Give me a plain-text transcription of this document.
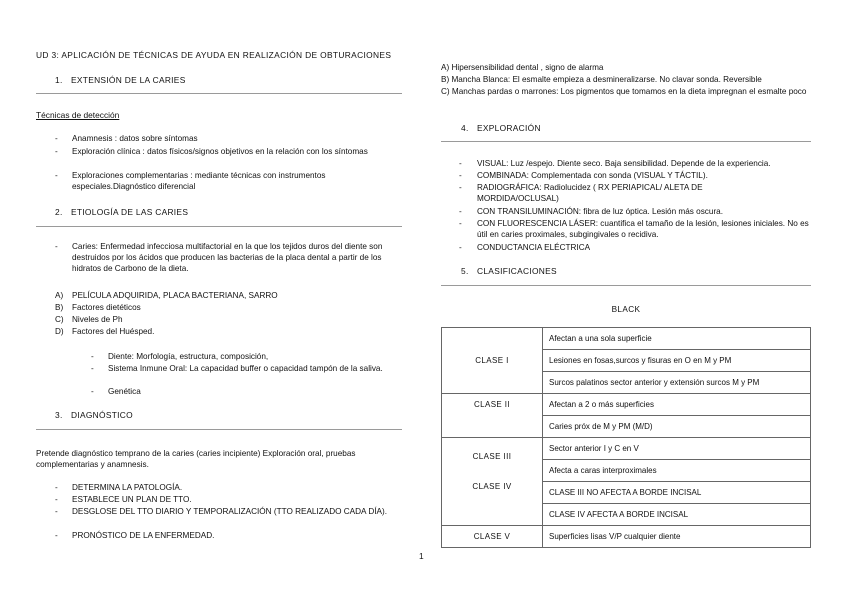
UD 3: APLICACIÓN DE TÉCNICAS DE AYUDA EN REALIZACIÓN DE OBTURACIONES
1. EXTENSIÓN DE LA CARIES
Técnicas de detección
- Anamnesis : datos sobre síntomas
- Exploración clínica : datos físicos/signos objetivos en la relación con los síntomas
- Exploraciones complementarias : mediante técnicas con instrumentos especiales.Diagnóstico diferencial
2. ETIOLOGÍA DE LAS CARIES
- Caries: Enfermedad infecciosa multifactorial en la que los tejidos duros del diente son destruidos por los ácidos que producen las bacterias de la placa dental a partir de los hidratos de Carbono de la dieta.
A) PELÍCULA ADQUIRIDA, PLACA BACTERIANA, SARRO
B) Factores dietéticos
C) Niveles de Ph
D) Factores del Huésped.
- Diente: Morfología, estructura, composición,
- Sistema Inmune Oral: La capacidad buffer o capacidad tampón de la saliva.
- Genética
3. DIAGNÓSTICO
Pretende diagnóstico temprano de la caries (caries incipiente) Exploración oral, pruebas complementarias y anamnesis.
- DETERMINA LA PATOLOGÍA.
- ESTABLECE UN PLAN DE TTO.
- DESGLOSE DEL TTO DIARIO Y TEMPORALIZACIÓN (TTO REALIZADO CADA DÍA).
- PRONÓSTICO DE LA ENFERMEDAD.
A) Hipersensibilidad dental , signo de alarma
B) Mancha Blanca: El esmalte empieza a desmineralizarse. No clavar sonda. Reversible
C) Manchas pardas o marrones: Los pigmentos que tomamos en la dieta impregnan el esmalte poco
4. EXPLORACIÓN
- VISUAL: Luz /espejo. Diente seco. Baja sensibilidad. Depende de la experiencia.
- COMBINADA: Complementada con sonda (VISUAL Y TÁCTIL).
- RADIOGRÁFICA: Radiolucidez ( RX PERIAPICAL/ ALETA DE MORDIDA/OCLUSAL)
- CON TRANSILUMINACIÓN: fibra de luz óptica. Lesión más oscura.
- CON FLUORESCENCIA LÁSER: cuantifica el tamaño de la lesión, lesiones iniciales. No es útil en caries proximales, subgingivales o recidiva.
- CONDUCTANCIA ELÉCTRICA
5. CLASIFICACIONES
BLACK
CLASE I	Afectan a una sola superficie
	Lesiones en fosas,surcos y fisuras en O en M y PM
	Surcos palatinos sector anterior y extensión surcos M y PM
CLASE II	Afectan a 2 o más superficies
	Caries próx de M y PM (M/D)

CLASE III
CLASE IV	Sector anterior I y C en V
	Afecta a caras interproximales
	CLASE III NO AFECTA A BORDE INCISAL
	CLASE IV AFECTA A BORDE INCISAL
CLASE V	Superficies lisas V/P cualquier diente
1
